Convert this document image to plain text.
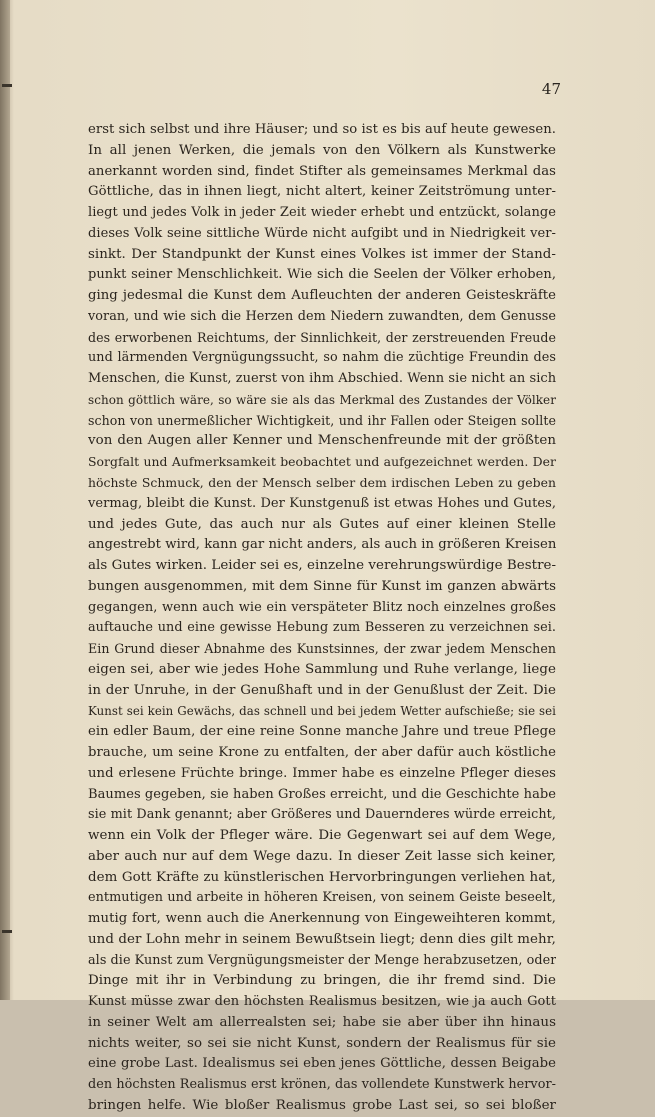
47
erst sich selbst und ihre Häuser; und so ist es bis auf heute gewesen.
In all jenen Werken, die jemals von den Völkern als Kunstwerke
anerkannt worden sind, findet Stifter als gemeinsames Merkmal das
Göttliche, das in ihnen liegt, nicht altert, keiner Zeitströmung unter-
liegt und jedes Volk in jeder Zeit wieder erhebt und entzückt, solange
dieses Volk seine sittliche Würde nicht aufgibt und in Niedrigkeit ver-
sinkt. Der Standpunkt der Kunst eines Volkes ist immer der Stand-
punkt seiner Menschlichkeit. Wie sich die Seelen der Völker erhoben,
ging jedesmal die Kunst dem Aufleuchten der anderen Geisteskräfte
voran, und wie sich die Herzen dem Niedern zuwandten, dem Genusse
des erworbenen Reichtums, der Sinnlichkeit, der zerstreuenden Freude
und lärmenden Vergnügungssucht, so nahm die züchtige Freundin des
Menschen, die Kunst, zuerst von ihm Abschied. Wenn sie nicht an sich
schon göttlich wäre, so wäre sie als das Merkmal des Zustandes der Völker
schon von unermeßlicher Wichtigkeit, und ihr Fallen oder Steigen sollte
von den Augen aller Kenner und Menschenfreunde mit der größten
Sorgfalt und Aufmerksamkeit beobachtet und aufgezeichnet werden. Der
höchste Schmuck, den der Mensch selber dem irdischen Leben zu geben
vermag, bleibt die Kunst. Der Kunstgenuß ist etwas Hohes und Gutes,
und jedes Gute, das auch nur als Gutes auf einer kleinen Stelle
angestrebt wird, kann gar nicht anders, als auch in größeren Kreisen
als Gutes wirken. Leider sei es, einzelne verehrungswürdige Bestre-
bungen ausgenommen, mit dem Sinne für Kunst im ganzen abwärts
gegangen, wenn auch wie ein verspäteter Blitz noch einzelnes großes
auftauche und eine gewisse Hebung zum Besseren zu verzeichnen sei.
Ein Grund dieser Abnahme des Kunstsinnes, der zwar jedem Menschen
eigen sei, aber wie jedes Hohe Sammlung und Ruhe verlange, liege
in der Unruhe, in der Genußhaft und in der Genußlust der Zeit. Die
Kunst sei kein Gewächs, das schnell und bei jedem Wetter aufschieße; sie sei
ein edler Baum, der eine reine Sonne manche Jahre und treue Pflege
brauche, um seine Krone zu entfalten, der aber dafür auch köstliche
und erlesene Früchte bringe. Immer habe es einzelne Pfleger dieses
Baumes gegeben, sie haben Großes erreicht, und die Geschichte habe
sie mit Dank genannt; aber Größeres und Dauernderes würde erreicht,
wenn ein Volk der Pfleger wäre. Die Gegenwart sei auf dem Wege,
aber auch nur auf dem Wege dazu. In dieser Zeit lasse sich keiner,
dem Gott Kräfte zu künstlerischen Hervorbringungen verliehen hat,
entmutigen und arbeite in höheren Kreisen, von seinem Geiste beseelt,
mutig fort, wenn auch die Anerkennung von Eingeweihteren kommt,
und der Lohn mehr in seinem Bewußtsein liegt; denn dies gilt mehr,
als die Kunst zum Vergnügungsmeister der Menge herabzusetzen, oder
Dinge mit ihr in Verbindung zu bringen, die ihr fremd sind. Die
Kunst müsse zwar den höchsten Realismus besitzen, wie ja auch Gott
in seiner Welt am allerrealsten sei; habe sie aber über ihn hinaus
nichts weiter, so sei sie nicht Kunst, sondern der Realismus für sie
eine grobe Last. Idealismus sei eben jenes Göttliche, dessen Beigabe
den höchsten Realismus erst krönen, das vollendete Kunstwerk hervor-
bringen helfe. Wie bloßer Realismus grobe Last sei, so sei bloßer
